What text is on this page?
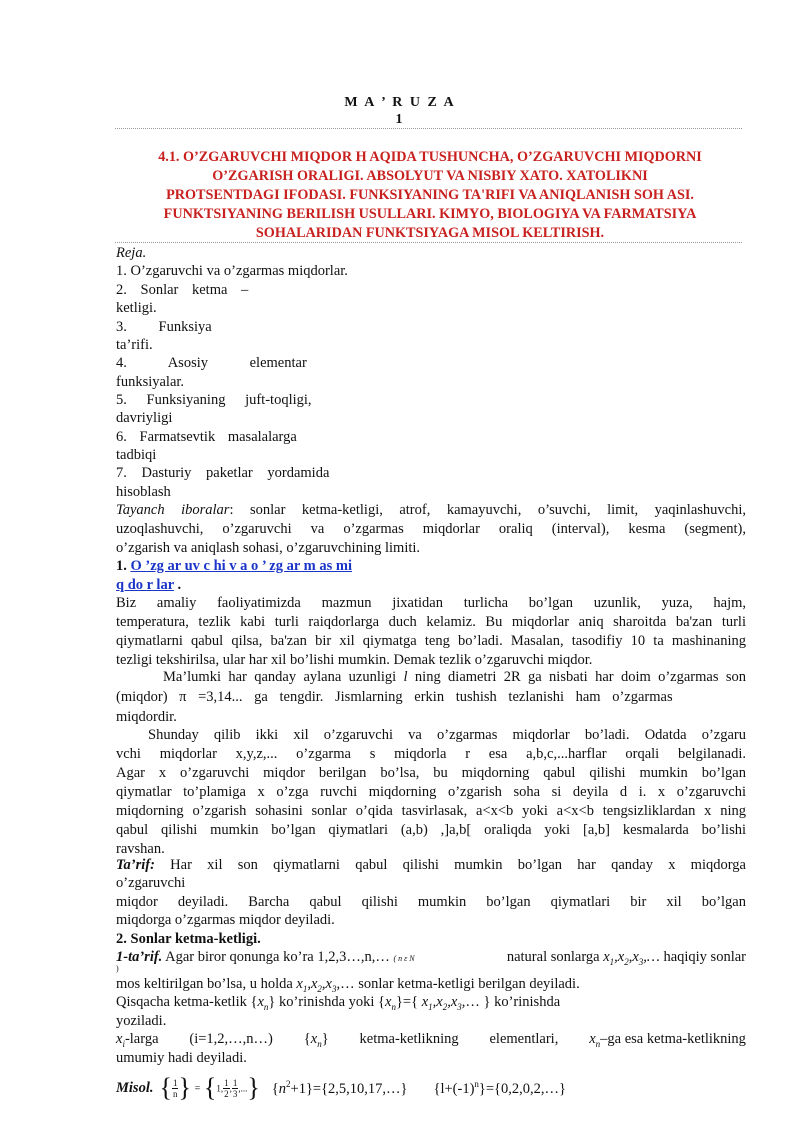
M A ’ R U Z A
1
4.1. O’ZGARUVCHI MIQDOR H AQIDA TUSHUNCHA, O’ZGARUVCHI MIQDORNI
O’ZGARISH ORALIGI. ABSOLYUT VA NISBIY XATO. XATOLIKNI
PROTSENTDAGI IFODASI. FUNKSIYANING TA'RIFI VA ANIQLANISH SOH ASI.
FUNKTSIYANING BERILISH USULLARI. KIMYO, BIOLOGIYA VA FARMATSIYA
SOHALARIDAN FUNKTSIYAGA MISOL KELTIRISH.
Reja.
1. O’zgaruvchi va o’zgarmas miqdorlar.
2. Sonlar ketma –
ketligi.
3. Funksiya
ta’rifi.
4. Asosiy elementar
funksiyalar.
5. Funksiyaning juft-toqligi,
davriyligi
6. Farmatsevtik masalalarga
tadbiqi
7. Dasturiy paketlar yordamida
hisoblash
Tayanch iboralar: sonlar ketma-ketligi, atrof, kamayuvchi, o’suvchi, limit, yaqinlashuvchi,
uzoqlashuvchi, o’zgaruvchi va o’zgarmas miqdorlar oraliq (interval), kesma (segment),
o’zgarish va aniqlash sohasi, o’zgaruvchining limiti.
1. O ’zg ar uv c hi v a o ’ zg ar m as mi
q do r lar .
Biz amaliy faoliyatimizda mazmun jixatidan turlicha bo’lgan uzunlik, yuza, hajm,
temperatura, tezlik kabi turli raiqdorlarga duch kelamiz. Bu miqdorlar aniq sharoitda ba'zan turli
qiymatlarni qabul qilsa, ba'zan bir xil qiymatga teng bo’ladi. Masalan, tasodifiy 10 ta mashinaning
tezligi tekshirilsa, ular har xil bo’lishi mumkin. Demak tezlik o’zgaruvchi miqdor.
Ma’lumki har qanday aylana uzunligi l ning diametri 2R ga nisbati har doim o’zgarmas son
(miqdor) π =3,14... ga tengdir. Jismlarning erkin tushish tezlanishi ham o’zgarmas
miqdordir.
Shunday qilib ikki xil o’zgaruvchi va o’zgarmas miqdorlar bo’ladi. Odatda o’zgaru
vchi miqdorlar x,y,z,... o’zgarma s miqdorla r esa a,b,c,...harflar orqali belgilanadi.
Agar x o’zgaruvchi miqdor berilgan bo’lsa, bu miqdorning qabul qilishi mumkin bo’lgan
qiymatlar to’plamiga x o’zga ruvchi miqdorning o’zgarish soha si deyila d i. x o’zgaruvchi
miqdorning o’zgarish sohasini sonlar o’qida tasvirlasak, a<x<b yoki a<x<b tengsizliklardan x ning
qabul qilishi mumkin bo’lgan qiymatlari (a,b) ,]a,b[ oraliqda yoki [a,b] kesmalarda bo’lishi
ravshan.
Ta’rif: Har xil son qiymatlarni qabul qilishi mumkin bo’lgan har qanday x miqdorga
o’zgaruvchi
miqdor deyiladi. Barcha qabul qilishi mumkin bo’lgan qiymatlari bir xil bo’lgan
miqdorga o’zgarmas miqdor deyiladi.
2. Sonlar ketma-ketligi.
1-ta’rif. Agar biror qonunga ko’ra 1,2,3…,n,… ( n ε N	natural sonlarga $x_1,x_2,x_3,\dots$ haqiqiy sonlar
)
mos keltirilgan bo’lsa, u holda $x_1,x_2,x_3,\dots$ sonlar ketma-ketligi berilgan deyiladi.
Qisqacha ketma-ketlik $\{x_n\}$ ko’rinishda yoki $\{x_n\}=${ $x_1,x_2,x_3,\dots$ } ko’rinishda
yoziladi.
$x_i$-larga (i=1,2,…,n…) $\{x_n\}$ ketma-ketlikning elementlari, $x_n-ga$ esa ketma-ketlikning
umumiy hadi deyiladi.
Misol. { $\frac{1}{n}\} = \{1$, $\frac{1}{2}$, $\frac{1}{3}$,...} $\{n^2+1\}=\{2,5,10,17,\dots\}$ $\{l+(-1)^n\}=\{0,2,0,2,\dots\}$
